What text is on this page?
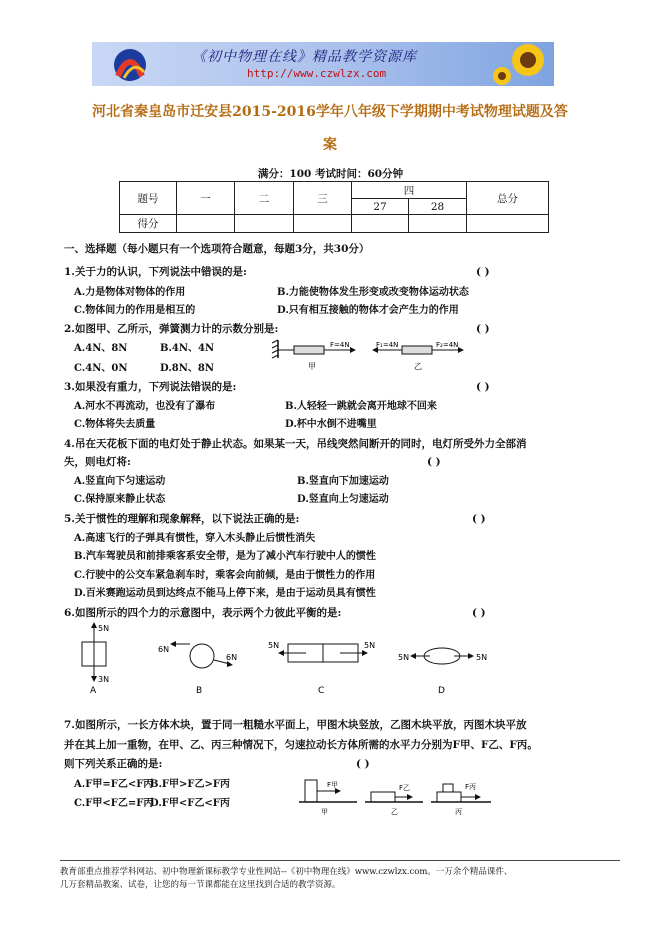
《初中物理在线》精品教学资源库
http://www.czwlzx.com
河北省秦皇岛市迁安县2015-2016学年八年级下学期期中考试物理试题及答
案
满分：100 考试时间：60分钟
题号	一	二	三	四		总分
				27	28	
得分						
一、选择题（每小题只有一个选项符合题意，每题3分，共30分）
1.关于力的认识，下列说法中错误的是:	( )
A.力是物体对物体的作用	B.力能使物体发生形变或改变物体运动状态
C.物体间力的作用是相互的	D.只有相互接触的物体才会产生力的作用
2.如图甲、乙所示，弹簧测力计的示数分别是:	( )
A.4N、8N	B.4N、4N
C.4N、0N	D.8N、8N
F=4N
甲
F₁=4N	F₂=4N
乙
3.如果没有重力，下列说法错误的是:	( )
A.河水不再流动，也没有了瀑布	B.人轻轻一跳就会离开地球不回来
C.物体将失去质量	D.杯中水倒不进嘴里
4.吊在天花板下面的电灯处于静止状态。如果某一天，吊线突然间断开的同时，电灯所受外力全部消
失，则电灯将:	( )
A.竖直向下匀速运动	B.竖直向下加速运动
C.保持原来静止状态	D.竖直向上匀速运动
5.关于惯性的理解和现象解释，以下说法正确的是:	( )
A.高速飞行的子弹具有惯性，穿入木头静止后惯性消失
B.汽车驾驶员和前排乘客系安全带，是为了减小汽车行驶中人的惯性
C.行驶中的公交车紧急刹车时，乘客会向前倾，是由于惯性力的作用
D.百米赛跑运动员到达终点不能马上停下来，是由于运动员具有惯性
6.如图所示的四个力的示意图中，表示两个力彼此平衡的是:	( )
5N
3N
A
6N
6N
B
5N	5N
C
5N	5N
D
7.如图所示，一长方体木块，置于同一粗糙水平面上，甲图木块竖放，乙图木块平放，丙图木块平放
并在其上加一重物，在甲、乙、丙三种情况下，匀速拉动长方体所需的水平力分别为F甲、F乙、F丙。
则下列关系正确的是:	( )
A.F甲=F乙<F丙
B.F甲>F乙>F丙
C.F甲<F乙=F丙
D.F甲<F乙<F丙
F甲
甲
F乙
乙
F丙
丙
教育部重点推荐学科网站、初中物理新课标教学专业性网站--《初中物理在线》www.czwlzx.com。一万余个精品课件、
几万套精品教案、试卷，让您的每一节课都能在这里找到合适的教学资源。
